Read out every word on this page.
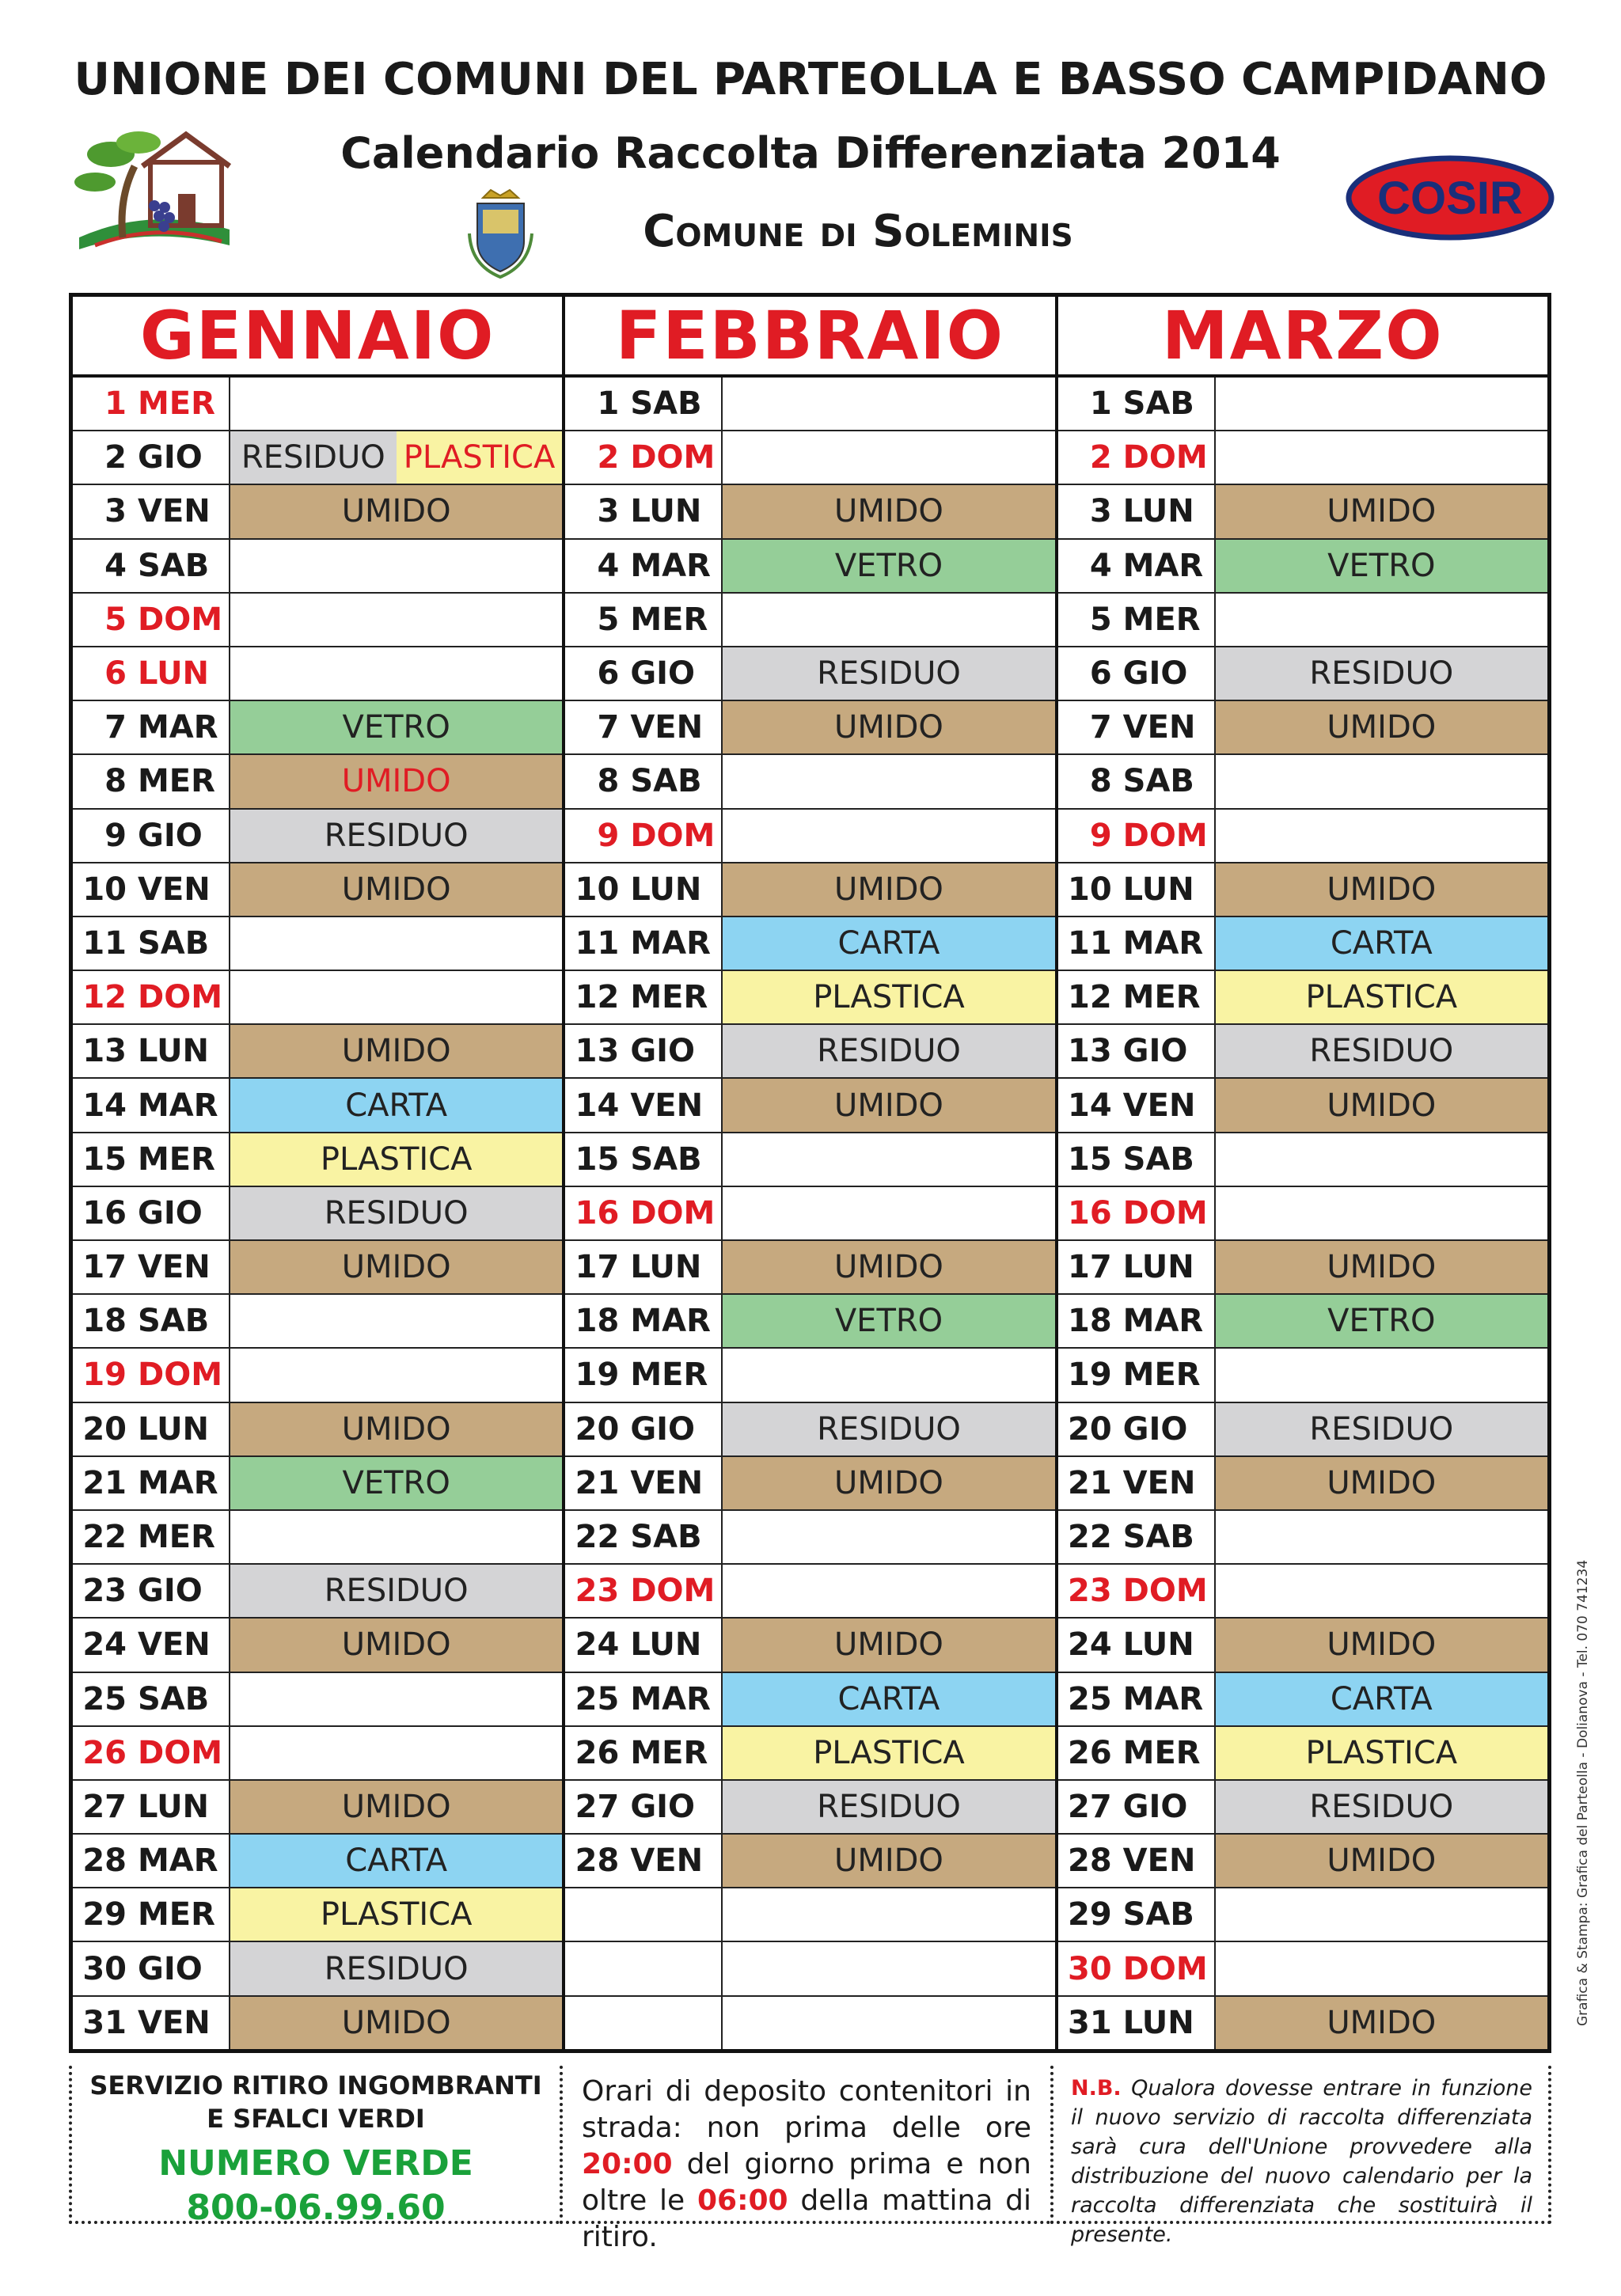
UNIONE DEI COMUNI DEL PARTEOLLA E BASSO CAMPIDANO
Calendario Raccolta Differenziata 2014
Comune di Soleminis
COSIR
GENNAIO
1 MER
2 GIO	RESIDUO PLASTICA
3 VEN	UMIDO
4 SAB
5 DOM
6 LUN
7 MAR	VETRO
8 MER	UMIDO
9 GIO	RESIDUO
10 VEN	UMIDO
11 SAB
12 DOM
13 LUN	UMIDO
14 MAR	CARTA
15 MER	PLASTICA
16 GIO	RESIDUO
17 VEN	UMIDO
18 SAB
19 DOM
20 LUN	UMIDO
21 MAR	VETRO
22 MER
23 GIO	RESIDUO
24 VEN	UMIDO
25 SAB
26 DOM
27 LUN	UMIDO
28 MAR	CARTA
29 MER	PLASTICA
30 GIO	RESIDUO
31 VEN	UMIDO
FEBBRAIO
1 SAB
2 DOM
3 LUN	UMIDO
4 MAR	VETRO
5 MER
6 GIO	RESIDUO
7 VEN	UMIDO
8 SAB
9 DOM
10 LUN	UMIDO
11 MAR	CARTA
12 MER	PLASTICA
13 GIO	RESIDUO
14 VEN	UMIDO
15 SAB
16 DOM
17 LUN	UMIDO
18 MAR	VETRO
19 MER
20 GIO	RESIDUO
21 VEN	UMIDO
22 SAB
23 DOM
24 LUN	UMIDO
25 MAR	CARTA
26 MER	PLASTICA
27 GIO	RESIDUO
28 VEN	UMIDO
MARZO
1 SAB
2 DOM
3 LUN	UMIDO
4 MAR	VETRO
5 MER
6 GIO	RESIDUO
7 VEN	UMIDO
8 SAB
9 DOM
10 LUN	UMIDO
11 MAR	CARTA
12 MER	PLASTICA
13 GIO	RESIDUO
14 VEN	UMIDO
15 SAB
16 DOM
17 LUN	UMIDO
18 MAR	VETRO
19 MER
20 GIO	RESIDUO
21 VEN	UMIDO
22 SAB
23 DOM
24 LUN	UMIDO
25 MAR	CARTA
26 MER	PLASTICA
27 GIO	RESIDUO
28 VEN	UMIDO
29 SAB
30 DOM
31 LUN	UMIDO
SERVIZIO RITIRO INGOMBRANTI
E SFALCI VERDI
NUMERO VERDE
800-06.99.60
Orari di deposito contenitori in strada: non prima delle ore 20:00 del giorno prima e non oltre le 06:00 della mattina di ritiro.
N.B. Qualora dovesse entrare in funzione il nuovo servizio di raccolta differenziata sarà cura dell'Unione provvedere alla distribuzione del nuovo calendario per la raccolta differenziata che sostituirà il presente.
Grafica & Stampa: Grafica del Parteolla - Dolianova - Tel. 070 741234
